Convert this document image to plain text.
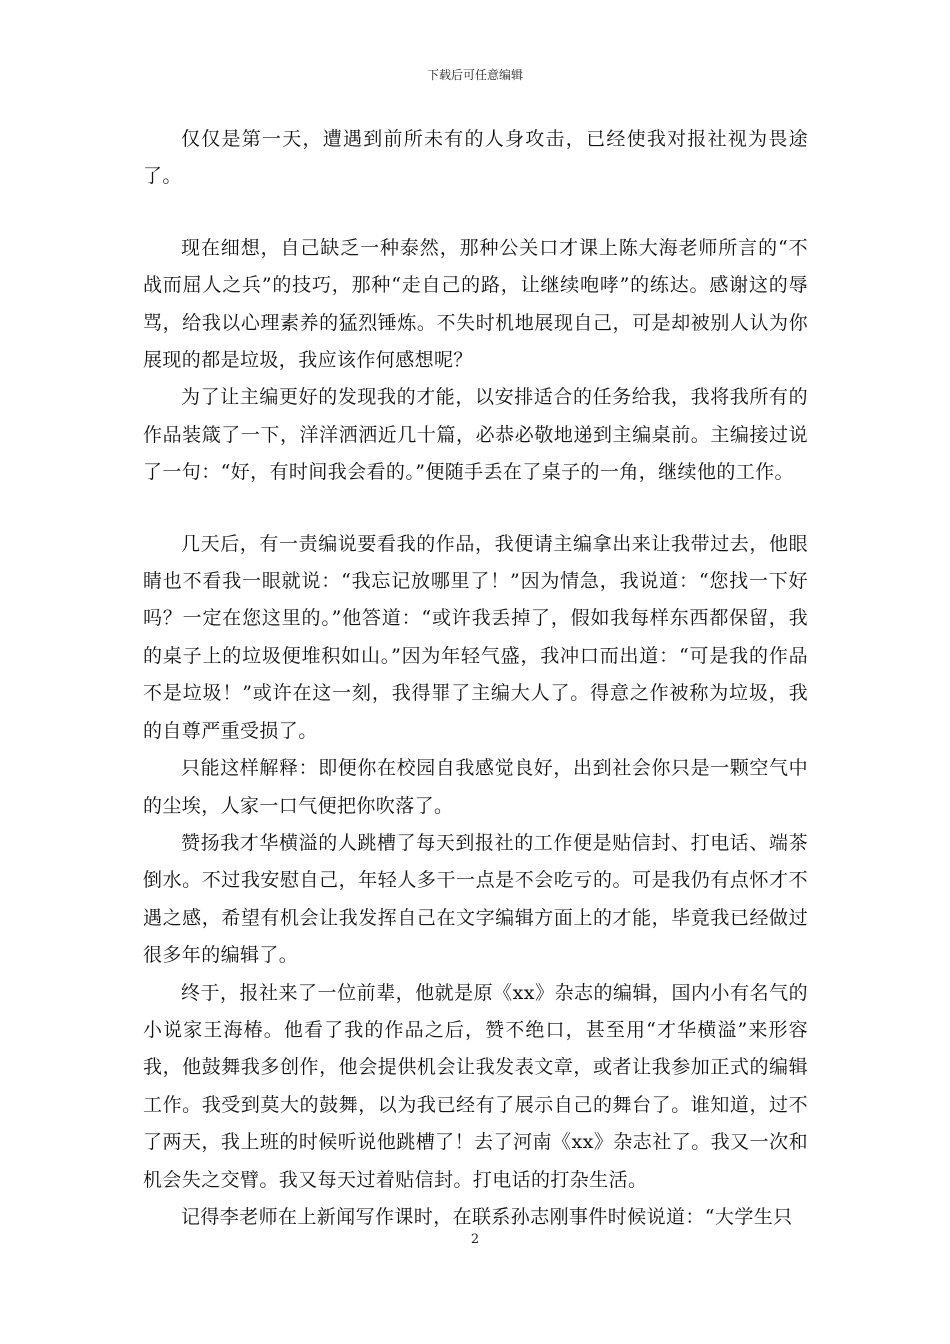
下载后可任意编辑

仅仅是第一天，遭遇到前所未有的人身攻击，已经使我对报社视为畏途了。

现在细想，自己缺乏一种泰然，那种公关口才课上陈大海老师所言的“不战而屈人之兵”的技巧，那种“走自己的路，让继续咆哮”的练达。感谢这的辱骂，给我以心理素养的猛烈锤炼。不失时机地展现自己，可是却被别人认为你展现的都是垃圾，我应该作何感想呢？

为了让主编更好的发现我的才能，以安排适合的任务给我，我将我所有的作品装箴了一下，洋洋洒洒近几十篇，必恭必敬地递到主编桌前。主编接过说了一句：“好，有时间我会看的。”便随手丢在了桌子的一角，继续他的工作。

几天后，有一责编说要看我的作品，我便请主编拿出来让我带过去，他眼睛也不看我一眼就说：“我忘记放哪里了！”因为情急，我说道：“您找一下好吗？一定在您这里的。”他答道：“或许我丢掉了，假如我每样东西都保留，我的桌子上的垃圾便堆积如山。”因为年轻气盛，我冲口而出道：“可是我的作品不是垃圾！”或许在这一刻，我得罪了主编大人了。得意之作被称为垃圾，我的自尊严重受损了。

只能这样解释：即便你在校园自我感觉良好，出到社会你只是一颗空气中的尘埃，人家一口气便把你吹落了。

赞扬我才华横溢的人跳槽了每天到报社的工作便是贴信封、打电话、端茶倒水。不过我安慰自己，年轻人多干一点是不会吃亏的。可是我仍有点怀才不遇之感，希望有机会让我发挥自己在文字编辑方面上的才能，毕竟我已经做过很多年的编辑了。

终于，报社来了一位前辈，他就是原《xx》杂志的编辑，国内小有名气的小说家王海椿。他看了我的作品之后，赞不绝口，甚至用“才华横溢”来形容我，他鼓舞我多创作，他会提供机会让我发表文章，或者让我参加正式的编辑工作。我受到莫大的鼓舞，以为我已经有了展示自己的舞台了。谁知道，过不了两天，我上班的时候听说他跳槽了！去了河南《xx》杂志社了。我又一次和机会失之交臂。我又每天过着贴信封。打电话的打杂生活。

记得李老师在上新闻写作课时，在联系孙志刚事件时候说道：“大学生只

2
